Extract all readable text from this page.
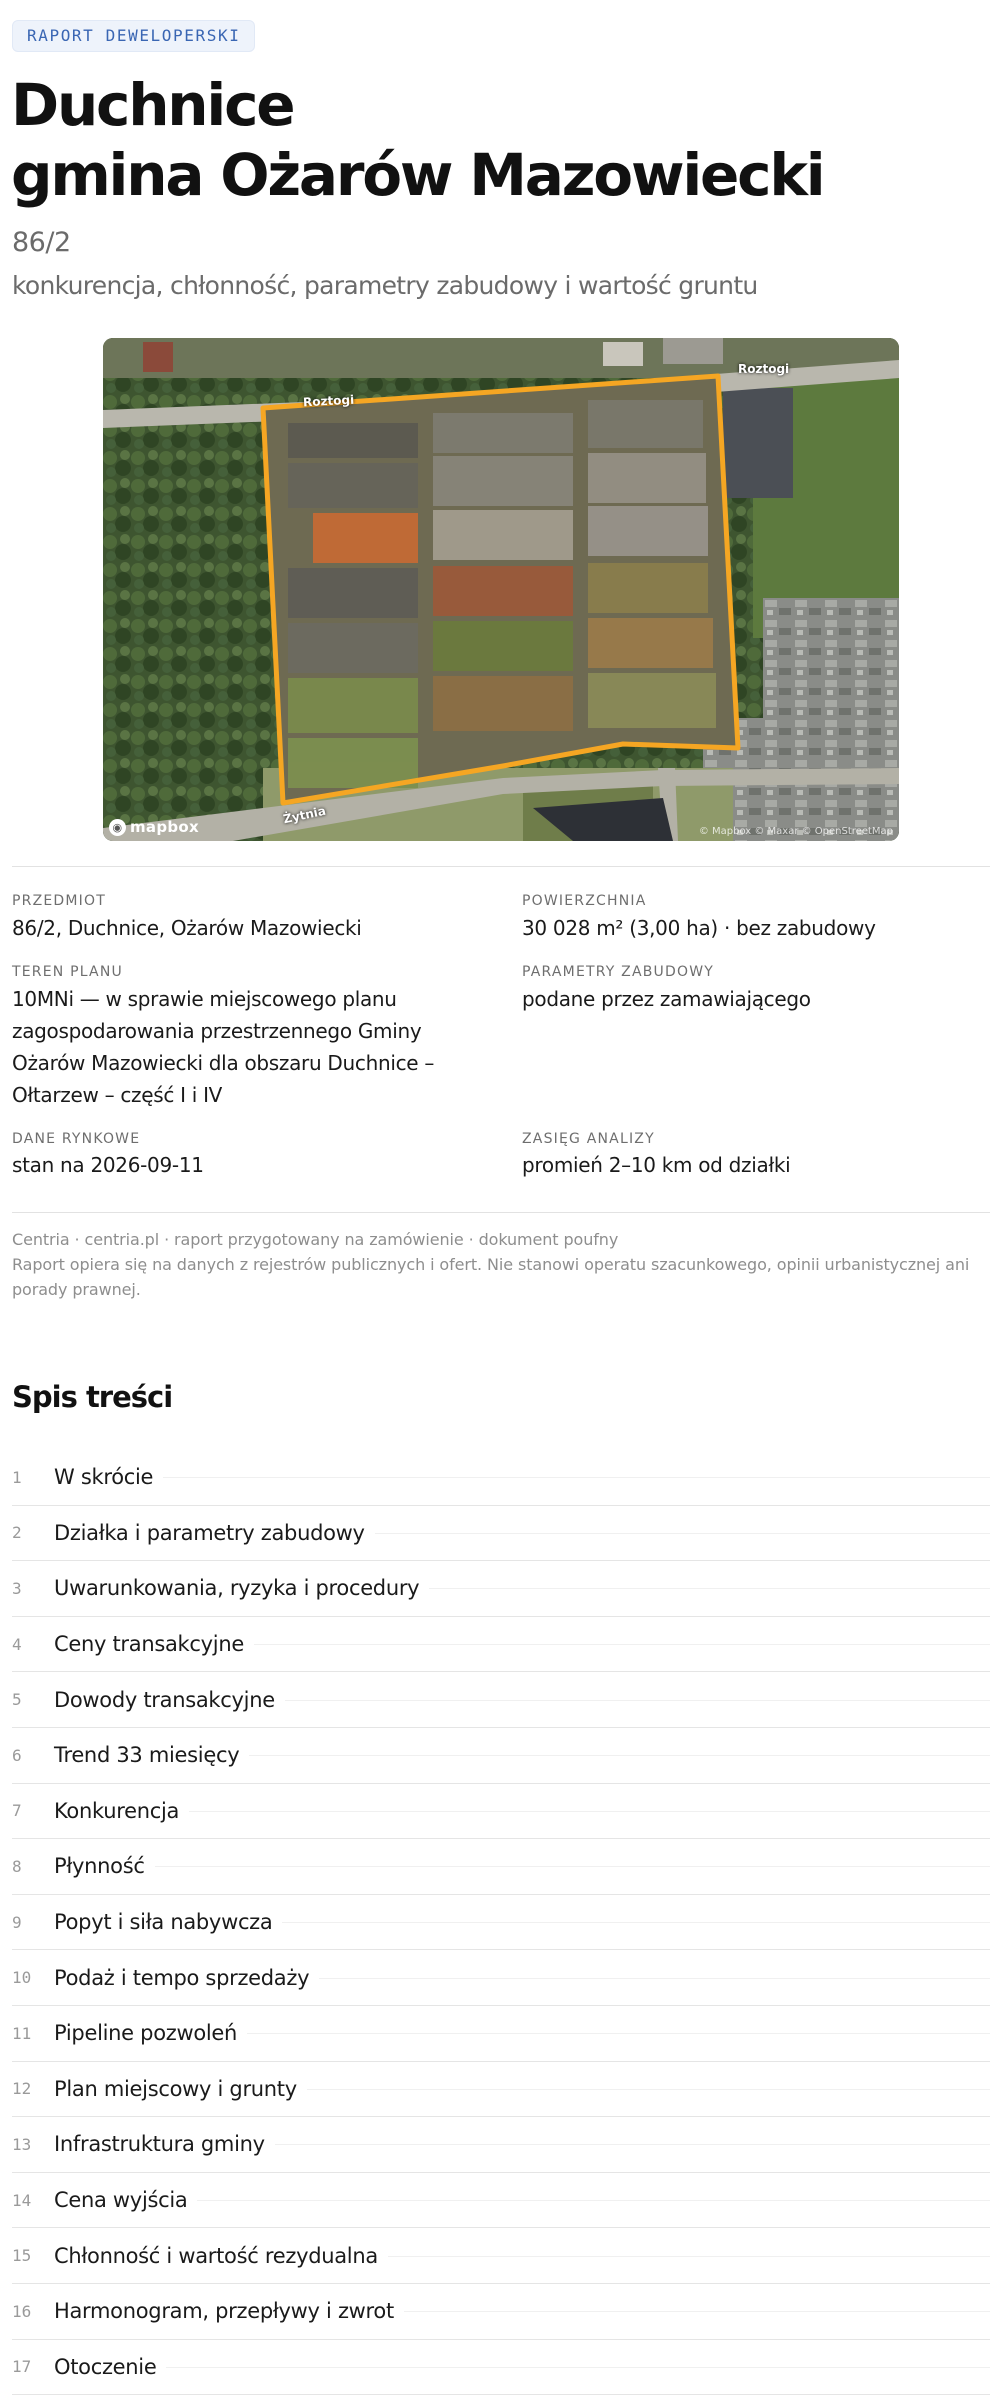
RAPORT DEWELOPERSKI
Duchnice
gmina Ożarów Mazowiecki
86/2
konkurencja, chłonność, parametry zabudowy i wartość gruntu
Roztogi
Roztogi
Żytnia
◉ mapbox	© Mapbox © Maxar © OpenStreetMap
PRZEDMIOT
86/2, Duchnice, Ożarów Mazowiecki
POWIERZCHNIA
30 028 m² (3,00 ha) · bez zabudowy
TEREN PLANU
10MNi — w sprawie miejscowego planu zagospodarowania przestrzennego Gminy Ożarów Mazowiecki dla obszaru Duchnice – Ołtarzew – część I i IV
PARAMETRY ZABUDOWY
podane przez zamawiającego
DANE RYNKOWE
stan na 2026-09-11
ZASIĘG ANALIZY
promień 2–10 km od działki
Centria · centria.pl · raport przygotowany na zamówienie · dokument poufny
Raport opiera się na danych z rejestrów publicznych i ofert. Nie stanowi operatu szacunkowego, opinii urbanistycznej ani porady prawnej.
Spis treści
1	W skrócie
2	Działka i parametry zabudowy
3	Uwarunkowania, ryzyka i procedury
4	Ceny transakcyjne
5	Dowody transakcyjne
6	Trend 33 miesięcy
7	Konkurencja
8	Płynność
9	Popyt i siła nabywcza
10	Podaż i tempo sprzedaży
11	Pipeline pozwoleń
12	Plan miejscowy i grunty
13	Infrastruktura gminy
14	Cena wyjścia
15	Chłonność i wartość rezydualna
16	Harmonogram, przepływy i zwrot
17	Otoczenie
